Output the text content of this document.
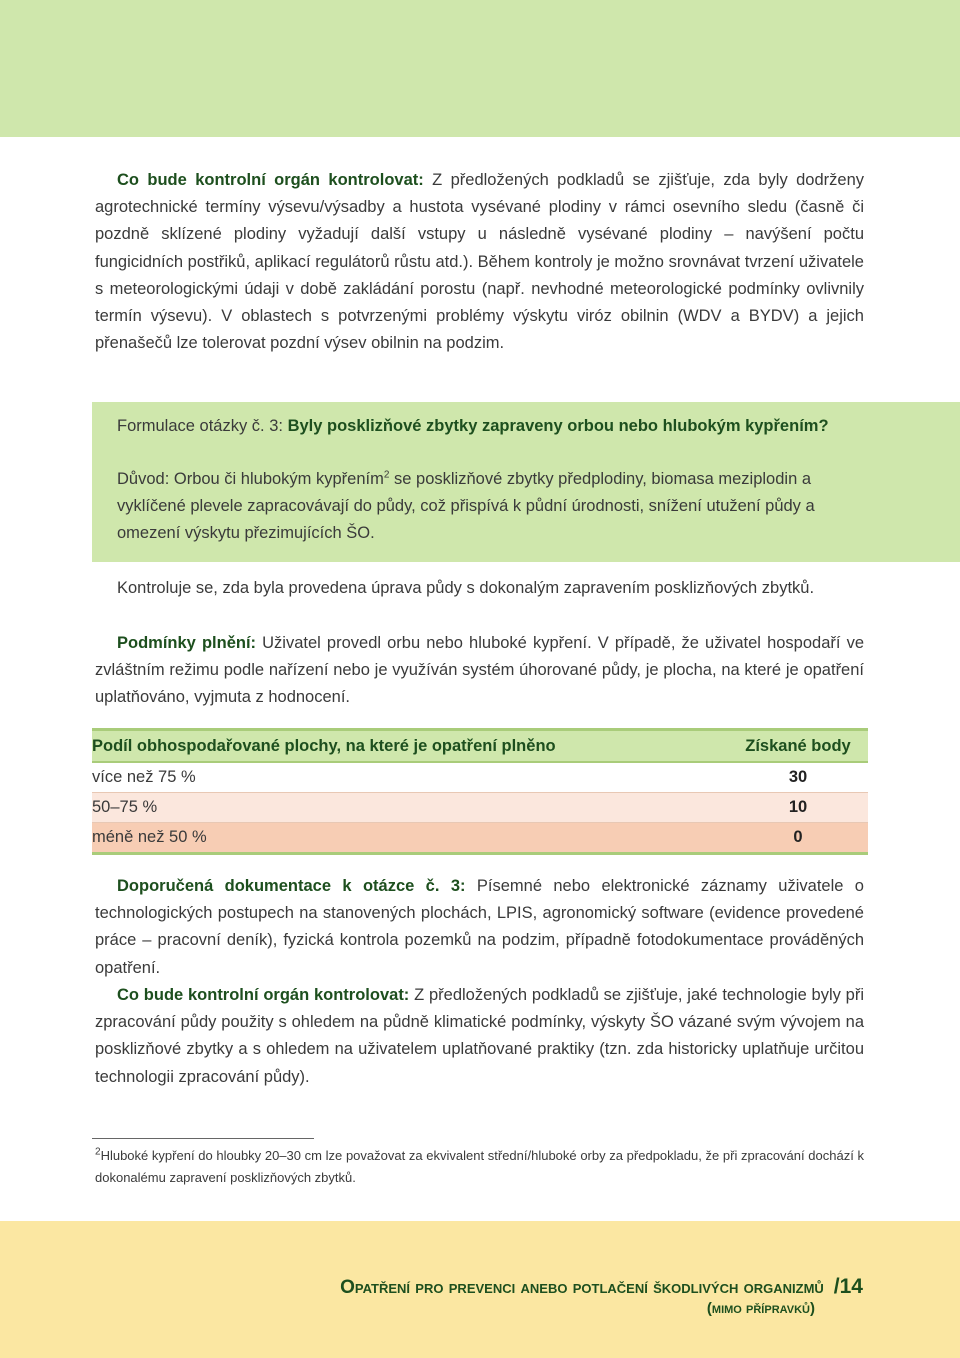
Co bude kontrolní orgán kontrolovat: Z předložených podkladů se zjišťuje, zda byly dodrženy agrotechnické termíny výsevu/výsadby a hustota vysévané plodiny v rámci osevního sledu (časně či pozdně sklízené plodiny vyžadují další vstupy u následně vysévané plodiny – navýšení počtu fungicidních postřiků, aplikací regulátorů růstu atd.). Během kontroly je možno srovnávat tvrzení uživatele s meteorologickými údaji v době zakládání porostu (např. nevhodné meteorologické podmínky ovlivnily termín výsevu). V oblastech s potvrzenými problémy výskytu viróz obilnin (WDV a BYDV) a jejich přenašečů lze tolerovat pozdní výsev obilnin na podzim.

Formulace otázky č. 3: Byly posklizňové zbytky zapraveny orbou nebo hlubokým kypřením?

Důvod: Orbou či hlubokým kypřením$^2$ se posklizňové zbytky předplodiny, biomasa meziplodin a vyklíčené plevele zapracovávají do půdy, což přispívá k půdní úrodnosti, snížení utužení půdy a omezení výskytu přezimujících ŠO.

Kontroluje se, zda byla provedena úprava půdy s dokonalým zapravením posklizňových zbytků.

Podmínky plnění: Uživatel provedl orbu nebo hluboké kypření. V případě, že uživatel hospodaří ve zvláštním režimu podle nařízení nebo je využíván systém úhorované půdy, je plocha, na které je opatření uplatňováno, vyjmuta z hodnocení.

Podíl obhospodařované plochy, na které je opatření plněno	Získané body
více než 75 %	30
50–75 %	10
méně než 50 %	0

Doporučená dokumentace k otázce č. 3: Písemné nebo elektronické záznamy uživatele o technologických postupech na stanovených plochách, LPIS, agronomický software (evidence provedené práce – pracovní deník), fyzická kontrola pozemků na podzim, případně fotodokumentace prováděných opatření.

Co bude kontrolní orgán kontrolovat: Z předložených podkladů se zjišťuje, jaké technologie byly při zpracování půdy použity s ohledem na půdně klimatické podmínky, výskyty ŠO vázané svým vývojem na posklizňové zbytky a s ohledem na uživatelem uplatňované praktiky (tzn. zda historicky uplatňuje určitou technologii zpracování půdy).

$^2$Hluboké kypření do hloubky 20–30 cm lze považovat za ekvivalent střední/hluboké orby za předpokladu, že při zpracování dochází k dokonalému zapravení posklizňových zbytků.

Opatření pro prevenci anebo potlačení škodlivých organizmů /14
(mimo přípravků)
